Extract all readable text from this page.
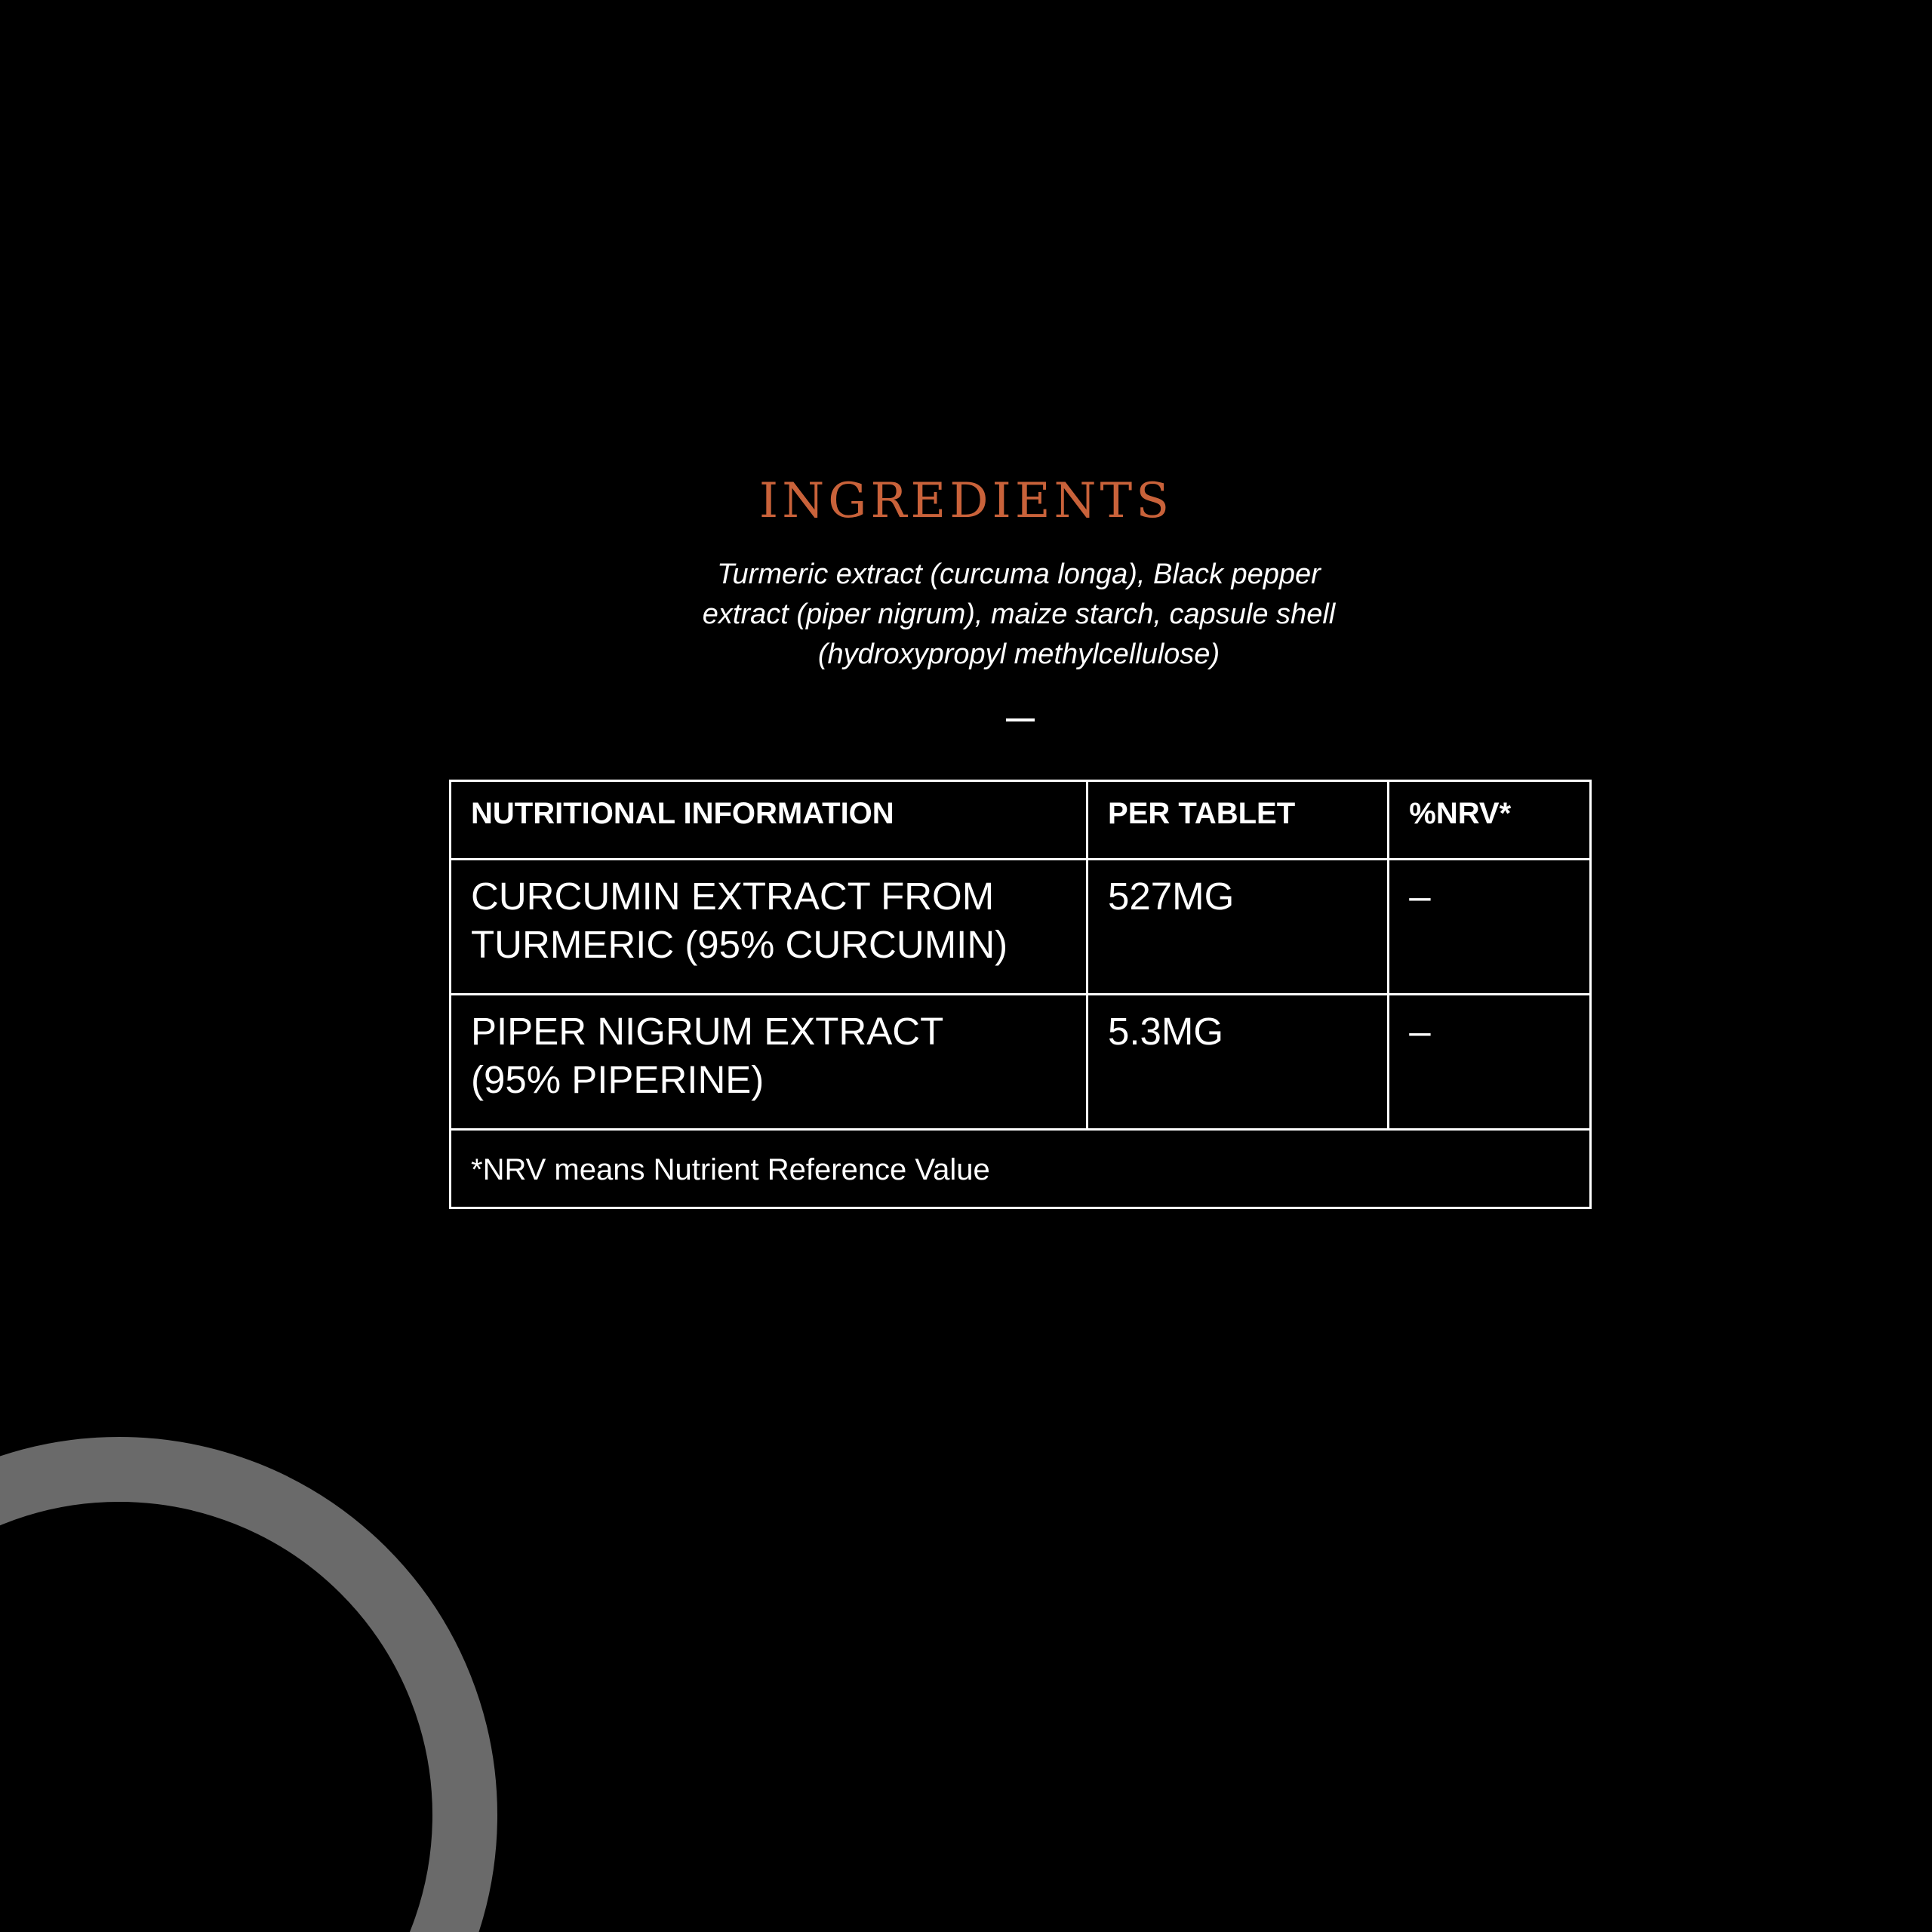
INGREDIENTS
Turmeric extract (curcuma longa), Black pepper
extract (piper nigrum), maize starch, capsule shell
(hydroxypropyl methylcellulose)
NUTRITIONAL INFORMATION	PER TABLET	%NRV*

CURCUMIN EXTRACT FROM
TURMERIC (95% CURCUMIN)	527MG	–

PIPER NIGRUM EXTRACT
(95% PIPERINE)	5.3MG	–
*NRV means Nutrient Reference Value		
